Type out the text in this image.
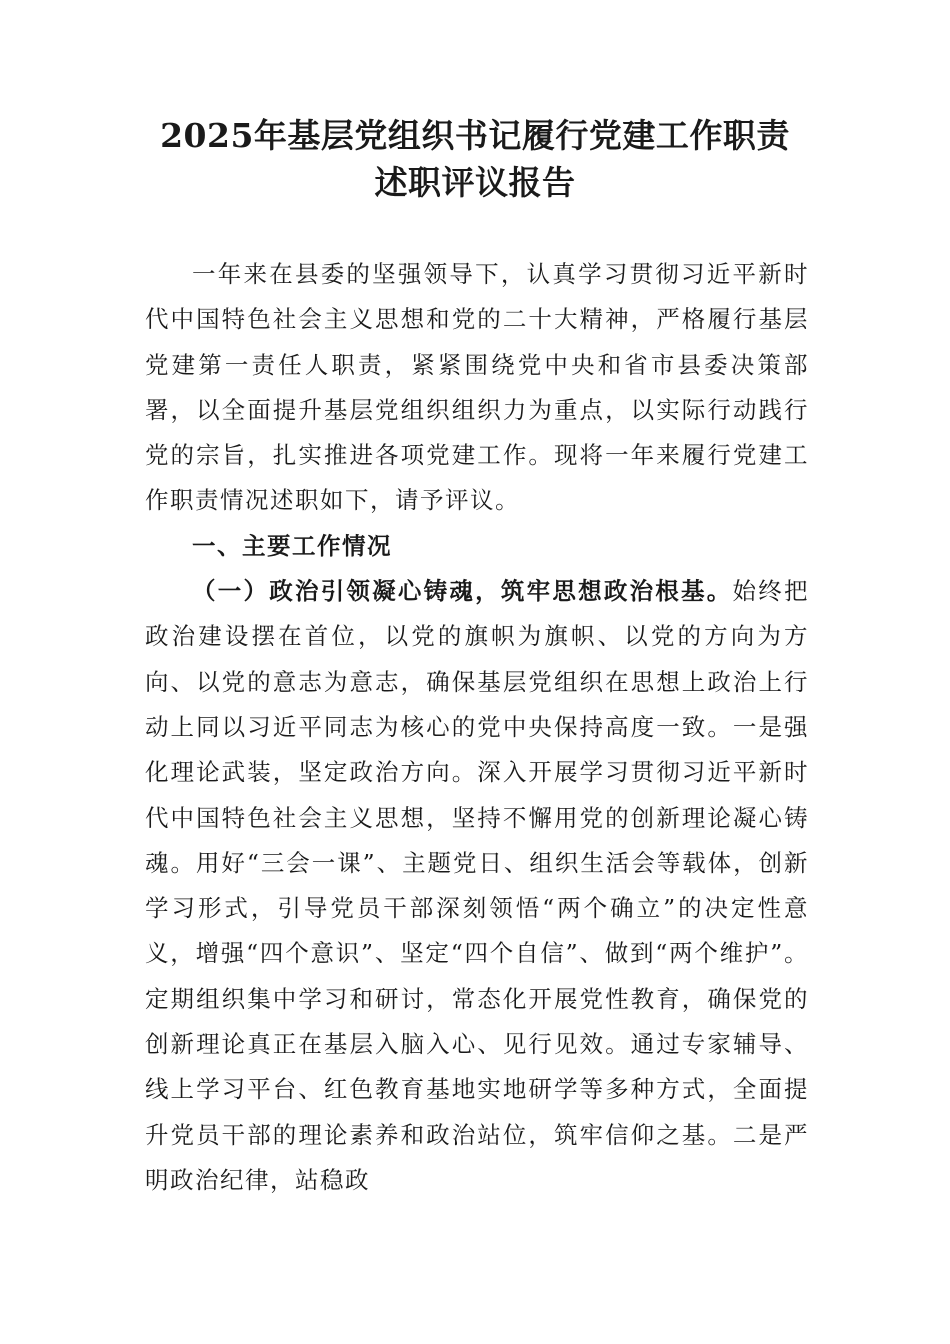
2025年基层党组织书记履行党建工作职责
述职评议报告

一年来在县委的坚强领导下，认真学习贯彻习近平新时代中国特色社会主义思想和党的二十大精神，严格履行基层党建第一责任人职责，紧紧围绕党中央和省市县委决策部署，以全面提升基层党组织组织力为重点，以实际行动践行党的宗旨，扎实推进各项党建工作。现将一年来履行党建工作职责情况述职如下，请予评议。

一、主要工作情况

（一）政治引领凝心铸魂，筑牢思想政治根基。始终把政治建设摆在首位，以党的旗帜为旗帜、以党的方向为方向、以党的意志为意志，确保基层党组织在思想上政治上行动上同以习近平同志为核心的党中央保持高度一致。一是强化理论武装，坚定政治方向。深入开展学习贯彻习近平新时代中国特色社会主义思想，坚持不懈用党的创新理论凝心铸魂。用好“三会一课”、主题党日、组织生活会等载体，创新学习形式，引导党员干部深刻领悟“两个确立”的决定性意义，增强“四个意识”、坚定“四个自信”、做到“两个维护”。定期组织集中学习和研讨，常态化开展党性教育，确保党的创新理论真正在基层入脑入心、见行见效。通过专家辅导、线上学习平台、红色教育基地实地研学等多种方式，全面提升党员干部的理论素养和政治站位，筑牢信仰之基。二是严明政治纪律，站稳政
